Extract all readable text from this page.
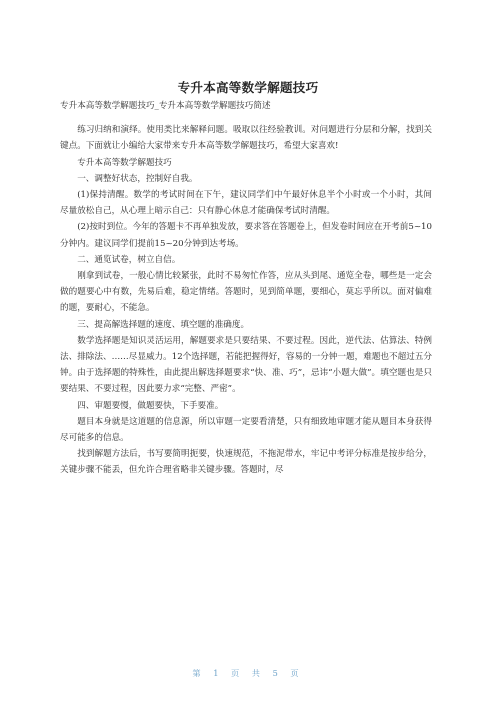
专升本高等数学解题技巧

专升本高等数学解题技巧_专升本高等数学解题技巧简述

练习归纳和演绎。使用类比来解释问题。吸取以往经验教训。对问题进行分层和分解，找到关键点。下面就让小编给大家带来专升本高等数学解题技巧，希望大家喜欢!

专升本高等数学解题技巧

一、调整好状态，控制好自我。

(1)保持清醒。数学的考试时间在下午，建议同学们中午最好休息半个小时或一个小时，其间尽量放松自己，从心理上暗示自己：只有静心休息才能确保考试时清醒。

(2)按时到位。今年的答题卡不再单独发放，要求答在答题卷上，但发卷时间应在开考前5~10分钟内。建议同学们提前15~20分钟到达考场。

二、通览试卷，树立自信。

刚拿到试卷，一般心情比较紧张，此时不易匆忙作答，应从头到尾、通览全卷，哪些是一定会做的题要心中有数，先易后难，稳定情绪。答题时，见到简单题，要细心，莫忘乎所以。面对偏难的题，要耐心，不能急。

三、提高解选择题的速度、填空题的准确度。

数学选择题是知识灵活运用，解题要求是只要结果、不要过程。因此，逆代法、估算法、特例法、排除法、……尽显威力。12个选择题，若能把握得好，容易的一分钟一题，难题也不超过五分钟。由于选择题的特殊性，由此提出解选择题要求“快、准、巧”，忌讳“小题大做”。填空题也是只要结果、不要过程，因此要力求“完整、严密”。

四、审题要慢，做题要快，下手要准。

题目本身就是这道题的信息源，所以审题一定要看清楚，只有细致地审题才能从题目本身获得尽可能多的信息。

找到解题方法后，书写要简明扼要，快速规范，不拖泥带水，牢记中考评分标准是按步给分，关键步骤不能丢，但允许合理省略非关键步骤。答题时，尽

第 1 页 共 5 页
